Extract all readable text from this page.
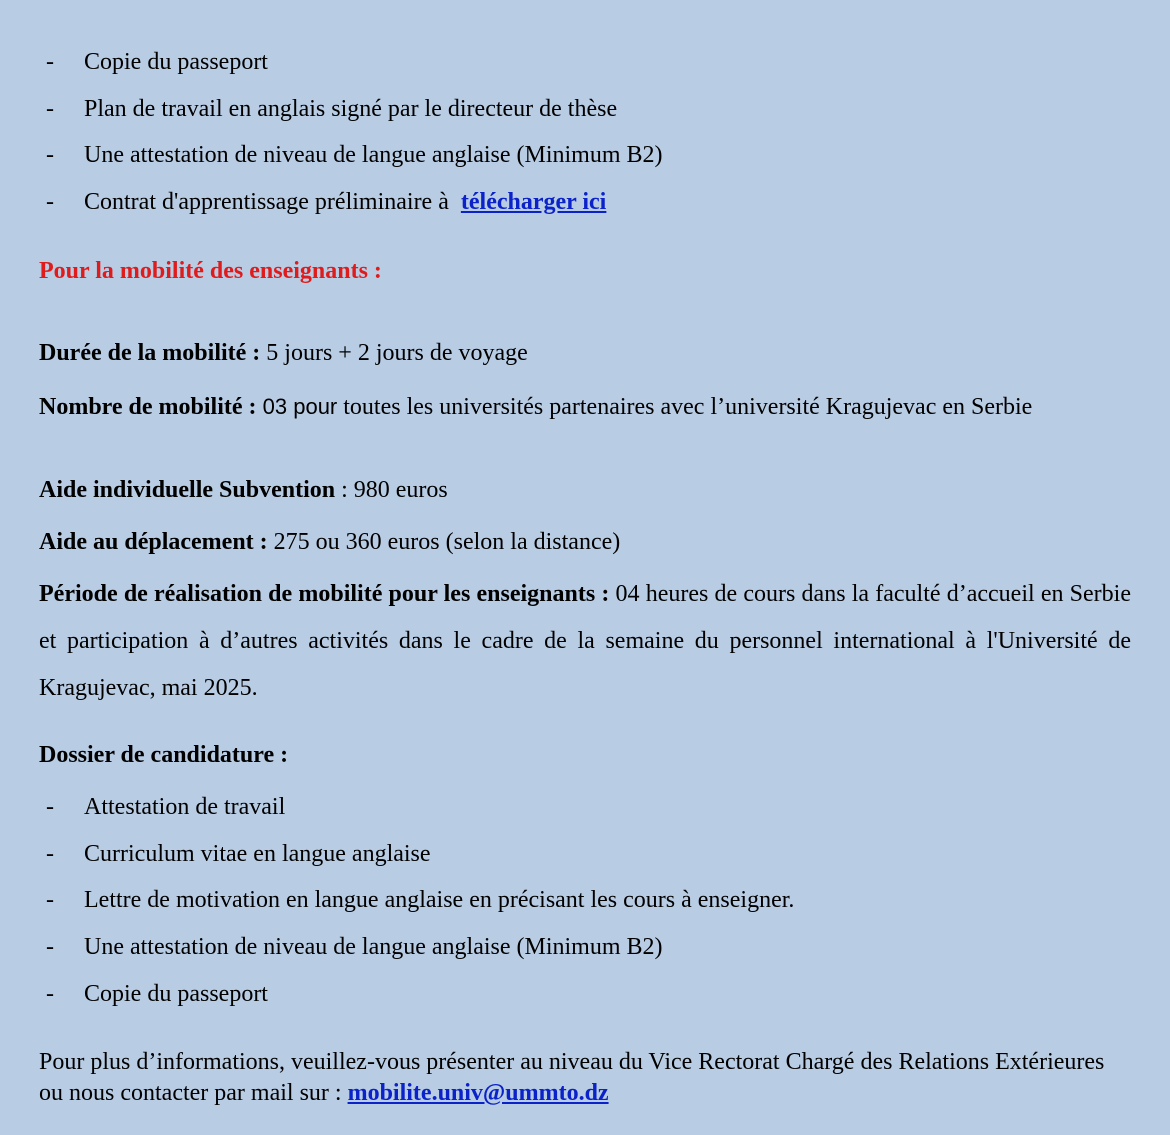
- Copie du passeport
- Plan de travail en anglais signé par le directeur de thèse
- Une attestation de niveau de langue anglaise (Minimum B2)
- Contrat d'apprentissage préliminaire à  télécharger ici
Pour la mobilité des enseignants :

Durée de la mobilité : 5 jours + 2 jours de voyage

Nombre de mobilité : 03 pour toutes les universités partenaires avec l’université Kragujevac en Serbie

Aide individuelle Subvention : 980 euros

Aide au déplacement : 275 ou 360 euros (selon la distance)

Période de réalisation de mobilité pour les enseignants : 04 heures de cours dans la faculté d’accueil en Serbie et participation à d’autres activités dans le cadre de la semaine du personnel international à l'Université de Kragujevac, mai 2025.

Dossier de candidature :
- Attestation de travail
- Curriculum vitae en langue anglaise
- Lettre de motivation en langue anglaise en précisant les cours à enseigner.
- Une attestation de niveau de langue anglaise (Minimum B2)
- Copie du passeport

Pour plus d’informations, veuillez-vous présenter au niveau du Vice Rectorat Chargé des Relations Extérieures ou nous contacter par mail sur : mobilite.univ@ummto.dz
